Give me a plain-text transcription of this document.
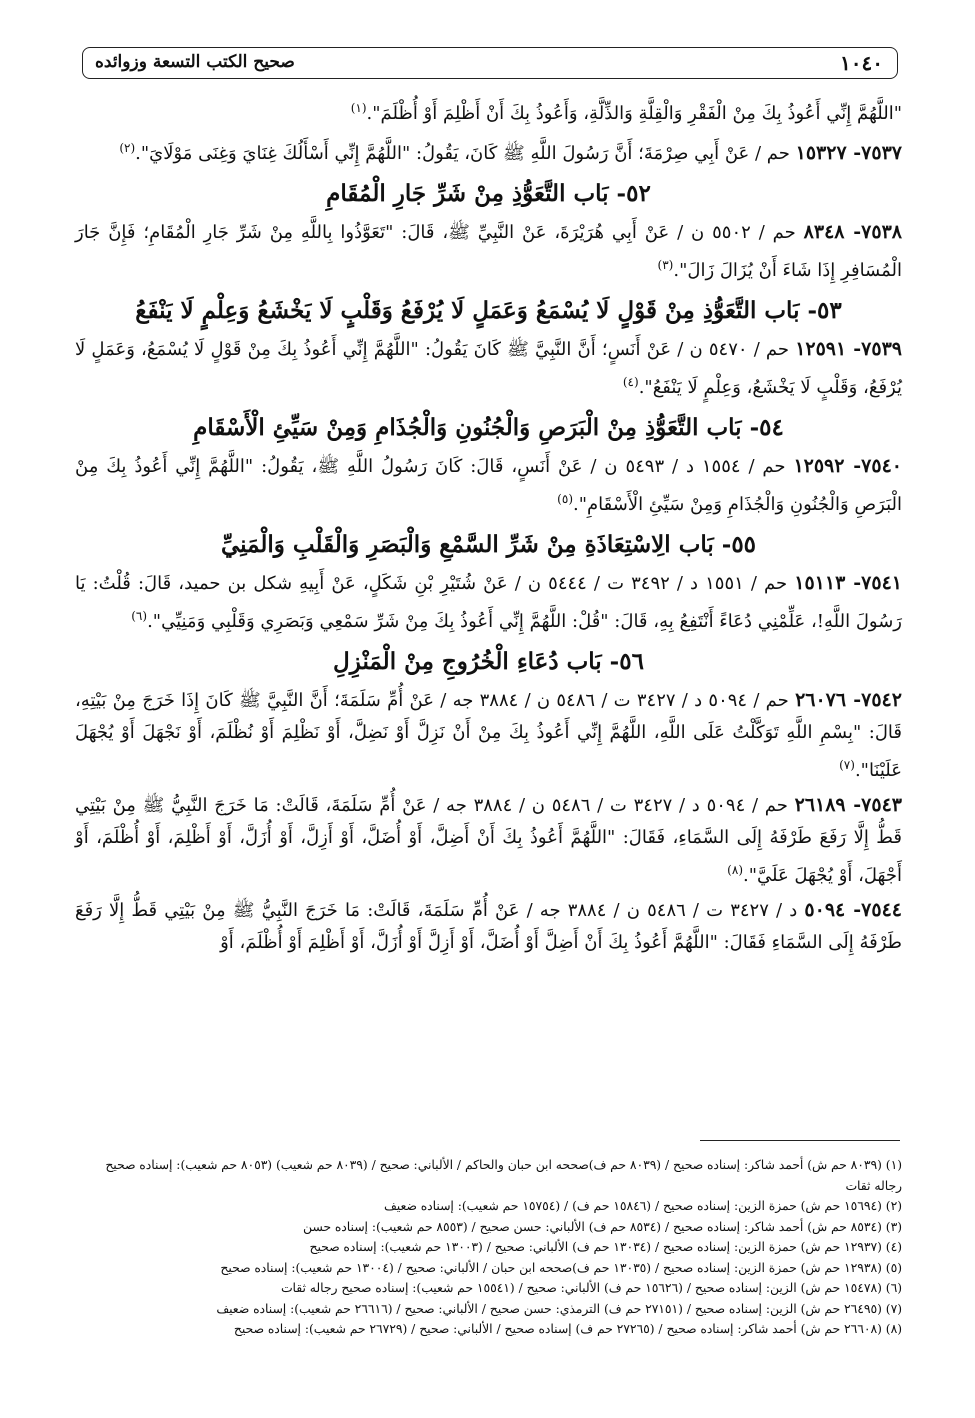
١٠٤٠
صحيح الكتب التسعة وزوائده

"اللَّهُمَّ إِنِّي أَعُوذُ بِكَ مِنْ الْفَقْرِ وَالْقِلَّةِ وَالذِّلَّةِ، وَأَعُوذُ بِكَ أَنْ أَظْلِمَ أَوْ أُظْلَمَ".$^{(١)}$

٧٥٣٧- ١٥٣٢٧ حم / عَنْ أَبِي صِرْمَةَ؛ أَنَّ رَسُولَ اللَّهِ ﷺ كَانَ، يَقُولُ: "اللَّهُمَّ إِنِّي أَسْأَلُكَ غِنَايَ وَغِنَى مَوْلَايَ".$^{(٢)}$

٥٢- بَاب التَّعَوُّذِ مِنْ شَرِّ جَارِ الْمُقَامِ

٧٥٣٨- ٨٣٤٨ حم / ٥٥٠٢ ن / عَنْ أَبِي هُرَيْرَةَ، عَنْ النَّبِيِّ ﷺ، قَالَ: "تَعَوَّذُوا بِاللَّهِ مِنْ شَرِّ جَارِ الْمُقَامِ؛ فَإِنَّ جَارَ الْمُسَافِرِ إِذَا شَاءَ أَنْ يُزَالَ زَالَ".$^{(٣)}$

٥٣- بَاب التَّعَوُّذِ مِنْ قَوْلٍ لَا يُسْمَعُ وَعَمَلٍ لَا يُرْفَعُ وَقَلْبٍ لَا يَخْشَعُ وَعِلْمٍ لَا يَنْفَعُ

٧٥٣٩- ١٢٥٩١ حم / ٥٤٧٠ ن / عَنْ أَنَسٍ؛ أَنَّ النَّبِيَّ ﷺ كَانَ يَقُولُ: "اللَّهُمَّ إِنِّي أَعُوذُ بِكَ مِنْ قَوْلٍ لَا يُسْمَعُ، وَعَمَلٍ لَا يُرْفَعُ، وَقَلْبٍ لَا يَخْشَعُ، وَعِلْمٍ لَا يَنْفَعُ".$^{(٤)}$

٥٤- بَاب التَّعَوُّذِ مِنْ الْبَرَصِ وَالْجُنُونِ وَالْجُذَامِ وَمِنْ سَيِّئِ الْأَسْقَامِ

٧٥٤٠- ١٢٥٩٢ حم / ١٥٥٤ د / ٥٤٩٣ ن / عَنْ أَنَسٍ، قَالَ: كَانَ رَسُولُ اللَّهِ ﷺ، يَقُولُ: "اللَّهُمَّ إِنِّي أَعُوذُ بِكَ مِنْ الْبَرَصِ وَالْجُنُونِ وَالْجُذَامِ وَمِنْ سَيِّئِ الْأَسْقَامِ".$^{(٥)}$

٥٥- بَاب الِاسْتِعَاذَةِ مِنْ شَرِّ السَّمْعِ وَالْبَصَرِ وَالْقَلْبِ وَالْمَنِيِّ

٧٥٤١- ١٥١١٣ حم / ١٥٥١ د / ٣٤٩٢ ت / ٥٤٤٤ ن / عَنْ شُتَيْرِ بْنِ شَكَلٍ، عَنْ أَبِيهِ شكل بن حميد، قَالَ: قُلْتُ: يَا رَسُولَ اللَّهِ!، عَلِّمْنِي دُعَاءً أَنْتَفِعُ بِهِ، قَالَ: "قُلْ: اللَّهُمَّ إِنِّي أَعُوذُ بِكَ مِنْ شَرِّ سَمْعِي وَبَصَرِي وَقَلْبِي وَمَنِيِّي".$^{(٦)}$

٥٦- بَاب دُعَاءِ الْخُرُوجِ مِنْ الْمَنْزِلِ

٧٥٤٢- ٢٦٠٧٦ حم / ٥٠٩٤ د / ٣٤٢٧ ت / ٥٤٨٦ ن / ٣٨٨٤ جه / عَنْ أُمِّ سَلَمَةَ؛ أَنَّ النَّبِيَّ ﷺ كَانَ إِذَا خَرَجَ مِنْ بَيْتِهِ، قَالَ: "بِسْمِ اللَّهِ تَوَكَّلْتُ عَلَى اللَّهِ، اللَّهُمَّ إِنِّي أَعُوذُ بِكَ مِنْ أَنْ نَزِلَّ أَوْ نَضِلَّ، أَوْ نَظْلِمَ أَوْ نُظْلَمَ، أَوْ نَجْهَلَ أَوْ يُجْهَلَ عَلَيْنَا".$^{(٧)}$

٧٥٤٣- ٢٦١٨٩ حم / ٥٠٩٤ د / ٣٤٢٧ ت / ٥٤٨٦ ن / ٣٨٨٤ جه / عَنْ أُمِّ سَلَمَةَ، قَالَتْ: مَا خَرَجَ النَّبِيُّ ﷺ مِنْ بَيْتِي قَطُّ إِلَّا رَفَعَ طَرْفَهُ إِلَى السَّمَاءِ، فَقَالَ: "اللَّهُمَّ أَعُوذُ بِكَ أَنْ أَضِلَّ، أَوْ أُضَلَّ، أَوْ أَزِلَّ، أَوْ أُزَلَّ، أَوْ أَظْلِمَ، أَوْ أُظْلَمَ، أَوْ أَجْهَلَ، أَوْ يُجْهَلَ عَلَيَّ".$^{(٨)}$

٧٥٤٤- ٥٠٩٤ د / ٣٤٢٧ ت / ٥٤٨٦ ن / ٣٨٨٤ جه / عَنْ أُمِّ سَلَمَةَ، قَالَتْ: مَا خَرَجَ النَّبِيُّ ﷺ مِنْ بَيْتِي قَطُّ إِلَّا رَفَعَ طَرْفَهُ إِلَى السَّمَاءِ فَقَالَ: "اللَّهُمَّ أَعُوذُ بِكَ أَنْ أَضِلَّ أَوْ أُضَلَّ، أَوْ أَزِلَّ أَوْ أُزَلَّ، أَوْ أَظْلِمَ أَوْ أُظْلَمَ، أَوْ

(١) (٨٠٣٩ حم ش) أحمد شاكر: إسناده صحيح / (٨٠٣٩ حم ف)صححه ابن حبان والحاكم / الألباني: صحيح / (٨٠٣٩ حم شعيب) (٨٠٥٣ حم شعيب): إسناده صحيح رجاله ثقات

(٢) (١٥٦٩٤ حم ش) حمزة الزين: إسناده صحيح / (١٥٨٤٦ حم ف) / (١٥٧٥٤ حم شعيب): إسناده ضعيف

(٣) (٨٥٣٤ حم ش) أحمد شاكر: إسناده صحيح / (٨٥٣٤ حم ف) الألباني: حسن صحيح / (٨٥٥٣ حم شعيب): إسناده حسن

(٤) (١٢٩٣٧ حم ش) حمزة الزين: إسناده صحيح / (١٣٠٣٤ حم ف) الألباني: صحيح / (١٣٠٠٣ حم شعيب): إسناده صحيح

(٥) (١٢٩٣٨ حم ش) حمزة الزين: إسناده صحيح / (١٣٠٣٥ حم ف)صححه ابن حبان / الألباني: صحيح / (١٣٠٠٤ حم شعيب): إسناده صحيح

(٦) (١٥٤٧٨ حم ش) الزين: إسناده صحيح / (١٥٦٢٦ حم ف) الألباني: صحيح / (١٥٥٤١ حم شعيب): إسناده صحيح رجاله ثقات

(٧) (٢٦٤٩٥ حم ش) الزين: إسناده صحيح / (٢٧١٥١ حم ف) الترمذي: حسن صحيح / الألباني: صحيح / (٢٦٦١٦ حم شعيب): إسناده ضعيف

(٨) (٢٦٦٠٨ حم ش) أحمد شاكر: إسناده صحيح / (٢٧٢٦٥ حم ف) إسناده صحيح / الألباني: صحيح / (٢٦٧٢٩ حم شعيب): إسناده صحيح
